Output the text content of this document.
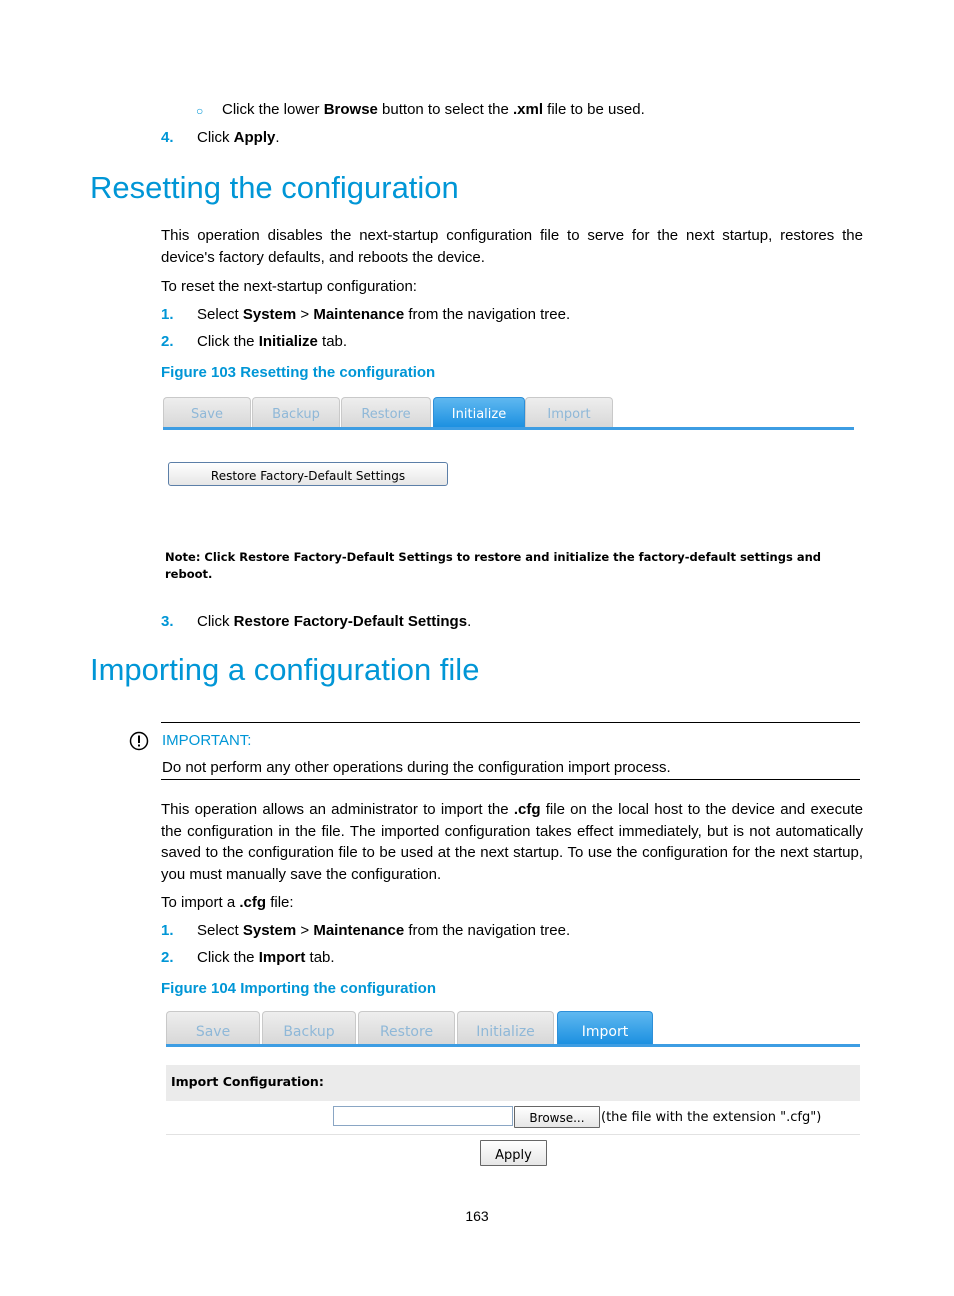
○ Click the lower Browse button to select the .xml file to be used.
4. Click Apply.
Resetting the configuration
This operation disables the next-startup configuration file to serve for the next startup, restores the device's factory defaults, and reboots the device.
To reset the next-startup configuration:
1. Select System > Maintenance from the navigation tree.
2. Click the Initialize tab.
Figure 103 Resetting the configuration
Save	Backup	Restore	Initialize	Import
Restore Factory-Default Settings
Note: Click Restore Factory-Default Settings to restore and initialize the factory-default settings and
reboot.
3. Click Restore Factory-Default Settings.
Importing a configuration file
IMPORTANT:
Do not perform any other operations during the configuration import process.
This operation allows an administrator to import the .cfg file on the local host to the device and execute the configuration in the file. The imported configuration takes effect immediately, but is not automatically saved to the configuration file to be used at the next startup. To use the configuration for the next startup, you must manually save the configuration.
To import a .cfg file:
1. Select System > Maintenance from the navigation tree.
2. Click the Import tab.
Figure 104 Importing the configuration
Save	Backup	Restore	Initialize	Import
Import Configuration:
Browse...	(the file with the extension ".cfg")
Apply
163
